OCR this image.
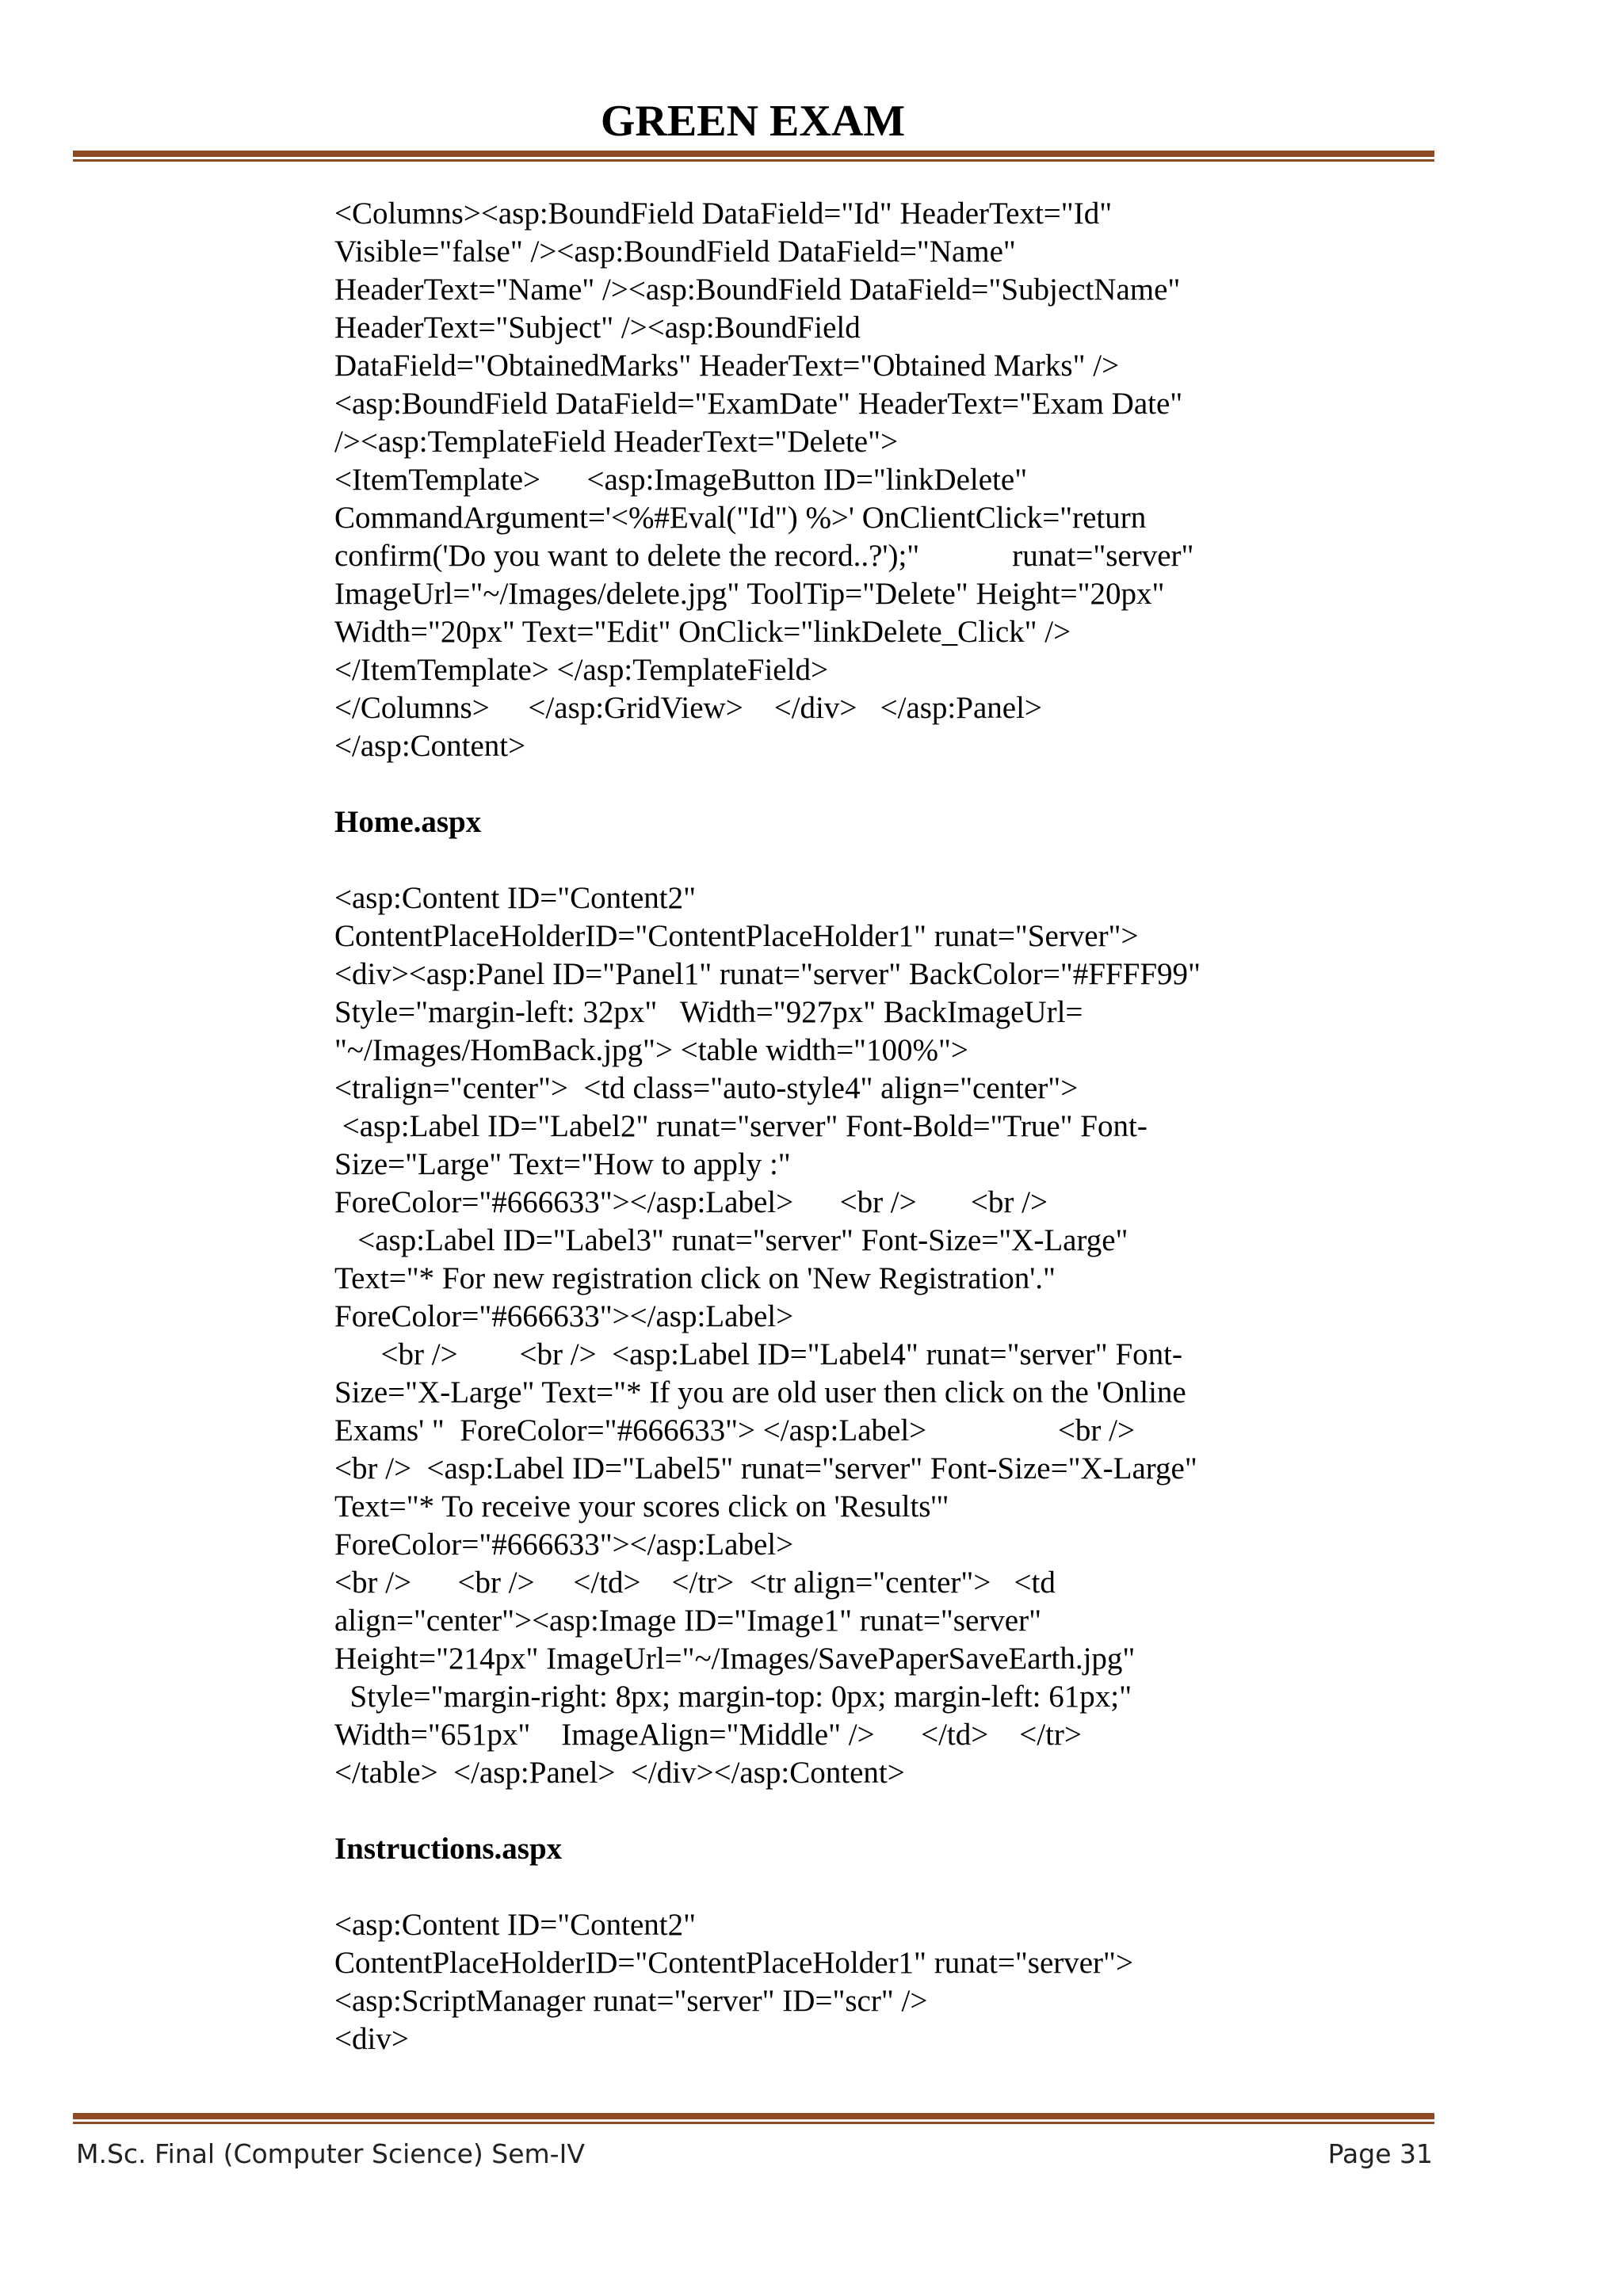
GREEN EXAM
<Columns><asp:BoundField DataField="Id" HeaderText="Id"
Visible="false" /><asp:BoundField DataField="Name"
HeaderText="Name" /><asp:BoundField DataField="SubjectName"
HeaderText="Subject" /><asp:BoundField
DataField="ObtainedMarks" HeaderText="Obtained Marks" />
<asp:BoundField DataField="ExamDate" HeaderText="Exam Date"
/><asp:TemplateField HeaderText="Delete">
<ItemTemplate>      <asp:ImageButton ID="linkDelete"
CommandArgument='<%#Eval("Id") %>' OnClientClick="return
confirm('Do you want to delete the record..?');"            runat="server"
ImageUrl="~/Images/delete.jpg" ToolTip="Delete" Height="20px"
Width="20px" Text="Edit" OnClick="linkDelete_Click" />
</ItemTemplate> </asp:TemplateField>
</Columns>     </asp:GridView>    </div>   </asp:Panel>
</asp:Content>
Home.aspx
<asp:Content ID="Content2"
ContentPlaceHolderID="ContentPlaceHolder1" runat="Server">
<div><asp:Panel ID="Panel1" runat="server" BackColor="#FFFF99"
Style="margin-left: 32px"   Width="927px" BackImageUrl=
"~/Images/HomBack.jpg"> <table width="100%">
<tralign="center">  <td class="auto-style4" align="center">
<asp:Label ID="Label2" runat="server" Font-Bold="True" Font-
Size="Large" Text="How to apply :"
ForeColor="#666633"></asp:Label>      <br />       <br />
<asp:Label ID="Label3" runat="server" Font-Size="X-Large"
Text="* For new registration click on 'New Registration'."
ForeColor="#666633"></asp:Label>
<br />        <br />  <asp:Label ID="Label4" runat="server" Font-
Size="X-Large" Text="* If you are old user then click on the 'Online
Exams' "  ForeColor="#666633"> </asp:Label>                 <br />
<br />  <asp:Label ID="Label5" runat="server" Font-Size="X-Large"
Text="* To receive your scores click on 'Results'"
ForeColor="#666633"></asp:Label>
<br />      <br />     </td>    </tr>  <tr align="center">   <td
align="center"><asp:Image ID="Image1" runat="server"
Height="214px" ImageUrl="~/Images/SavePaperSaveEarth.jpg"
Style="margin-right: 8px; margin-top: 0px; margin-left: 61px;"
Width="651px"    ImageAlign="Middle" />      </td>    </tr>
</table>  </asp:Panel>  </div></asp:Content>
Instructions.aspx
<asp:Content ID="Content2"
ContentPlaceHolderID="ContentPlaceHolder1" runat="server">
<asp:ScriptManager runat="server" ID="scr" />
<div>
M.Sc. Final (Computer Science) Sem-IV	Page 31
